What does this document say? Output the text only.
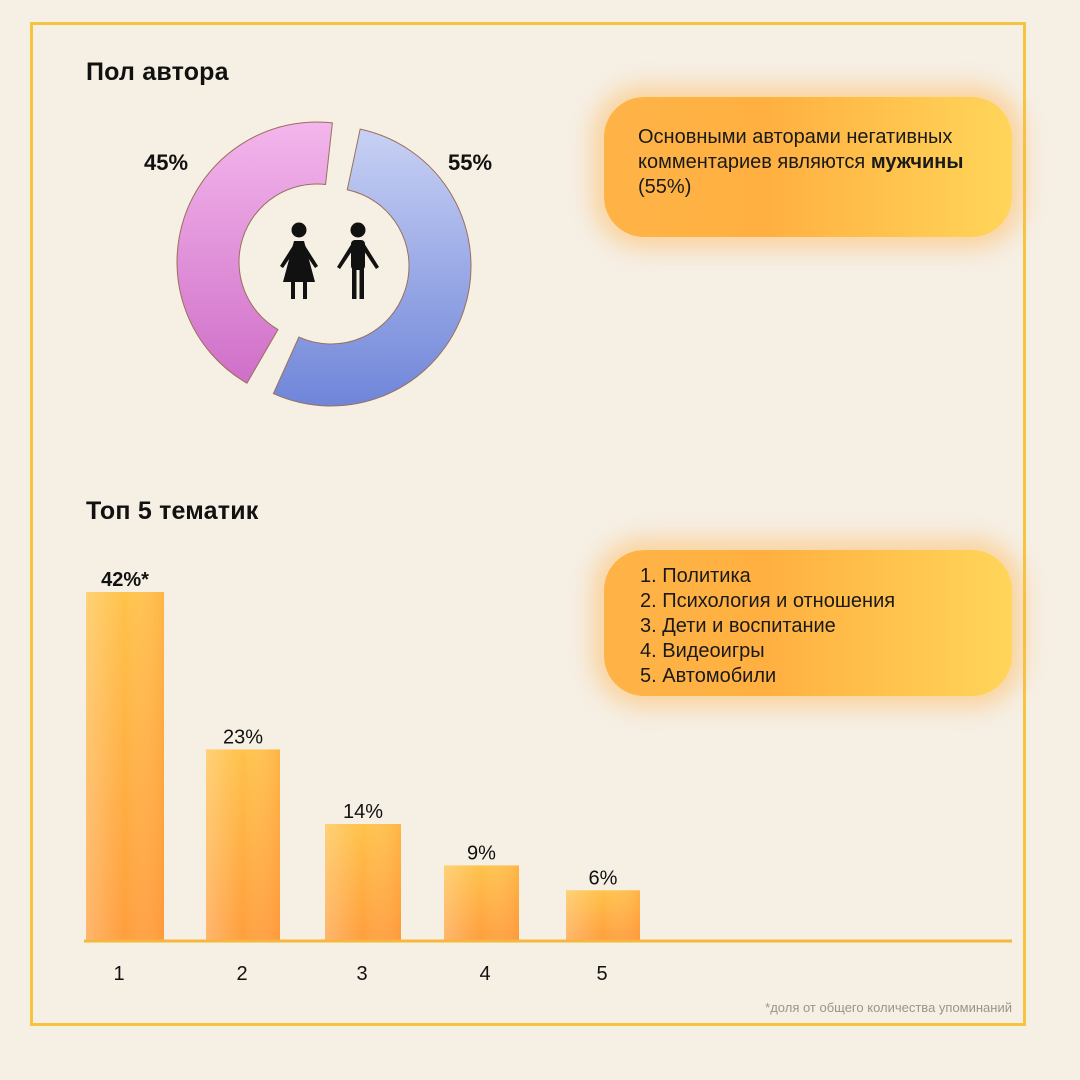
Пол автора
45%	55%
Основными авторами негативных комментариев являются мужчины (55%)
Топ 5 тематик
42%*
1
23%
2
14%
3
9%
4
6%
5
1. Политика
2. Психология и отношения
3. Дети и воспитание
4. Видеоигры
5. Автомобили
*доля от общего количества упоминаний
